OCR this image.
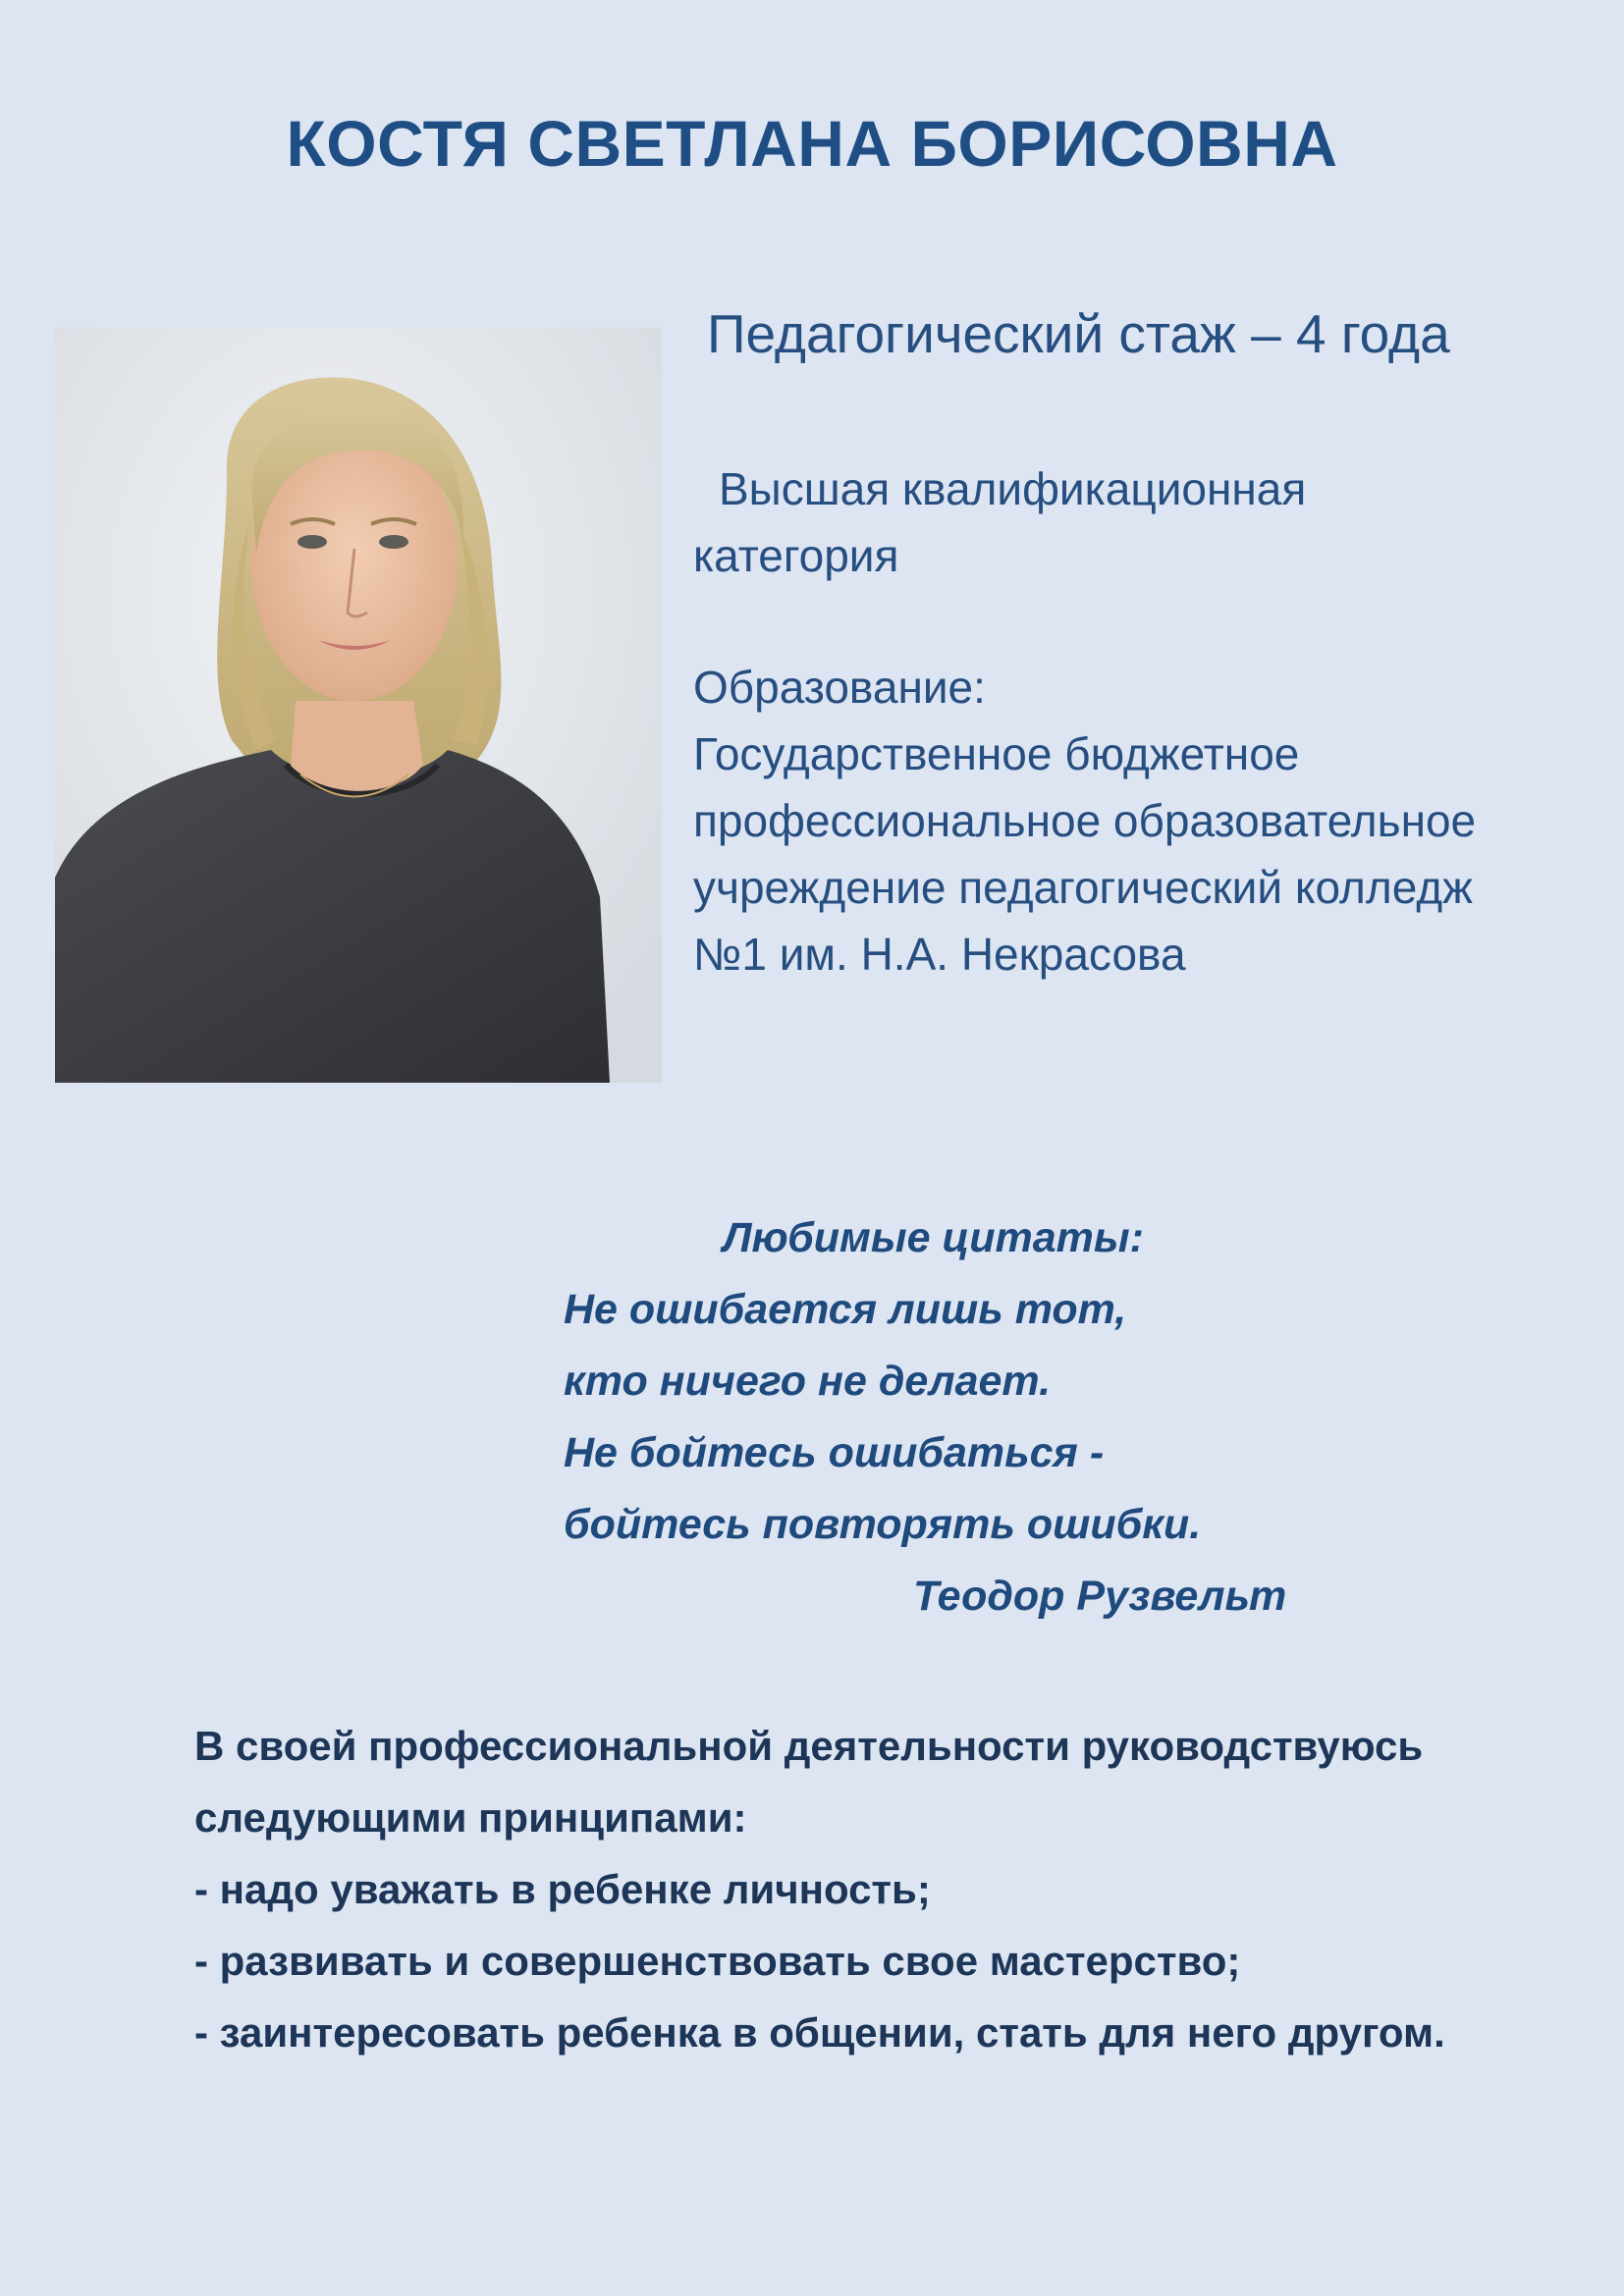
КОСТЯ СВЕТЛАНА БОРИСОВНА
Педагогический стаж – 4 года
Высшая квалификационная
категория
Образование:
Государственное бюджетное
профессиональное образовательное
учреждение педагогический колледж
№1 им. Н.А. Некрасова
Любимые цитаты:
Не ошибается лишь тот,
кто ничего не делает.
Не бойтесь ошибаться -
бойтесь повторять ошибки.
Теодор Рузвельт
В своей профессиональной деятельности руководствуюсь
следующими принципами:
- надо уважать в ребенке личность;
- развивать и совершенствовать свое мастерство;
- заинтересовать ребенка в общении, стать для него другом.
